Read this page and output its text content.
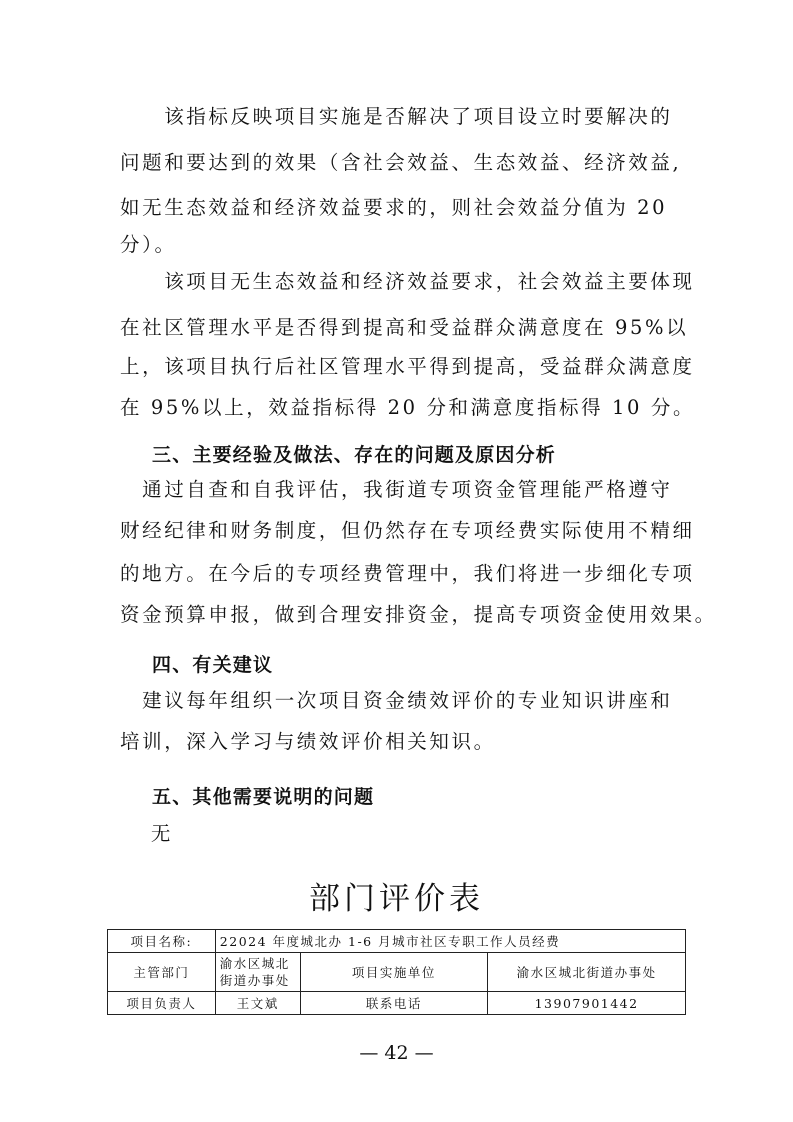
　　该指标反映项目实施是否解决了项目设立时要解决的
问题和要达到的效果（含社会效益、生态效益、经济效益,
如无生态效益和经济效益要求的，则社会效益分值为 20
分）。
　　该项目无生态效益和经济效益要求，社会效益主要体现
在社区管理水平是否得到提高和受益群众满意度在 95%以
上，该项目执行后社区管理水平得到提高，受益群众满意度
在 95%以上，效益指标得 20 分和满意度指标得 10 分。
三、主要经验及做法、存在的问题及原因分析
　通过自查和自我评估，我街道专项资金管理能严格遵守
财经纪律和财务制度，但仍然存在专项经费实际使用不精细
的地方。在今后的专项经费管理中，我们将进一步细化专项
资金预算申报，做到合理安排资金，提高专项资金使用效果。
四、有关建议
　建议每年组织一次项目资金绩效评价的专业知识讲座和
培训，深入学习与绩效评价相关知识。
五、其他需要说明的问题
　 无
部门评价表
项目名称:	22024 年度城北办 1-6 月城市社区专职工作人员经费		
主管部门	渝水区城北街道办事处	项目实施单位	渝水区城北街道办事处
项目负责人	王文斌	联系电话	13907901442
— 42 —
